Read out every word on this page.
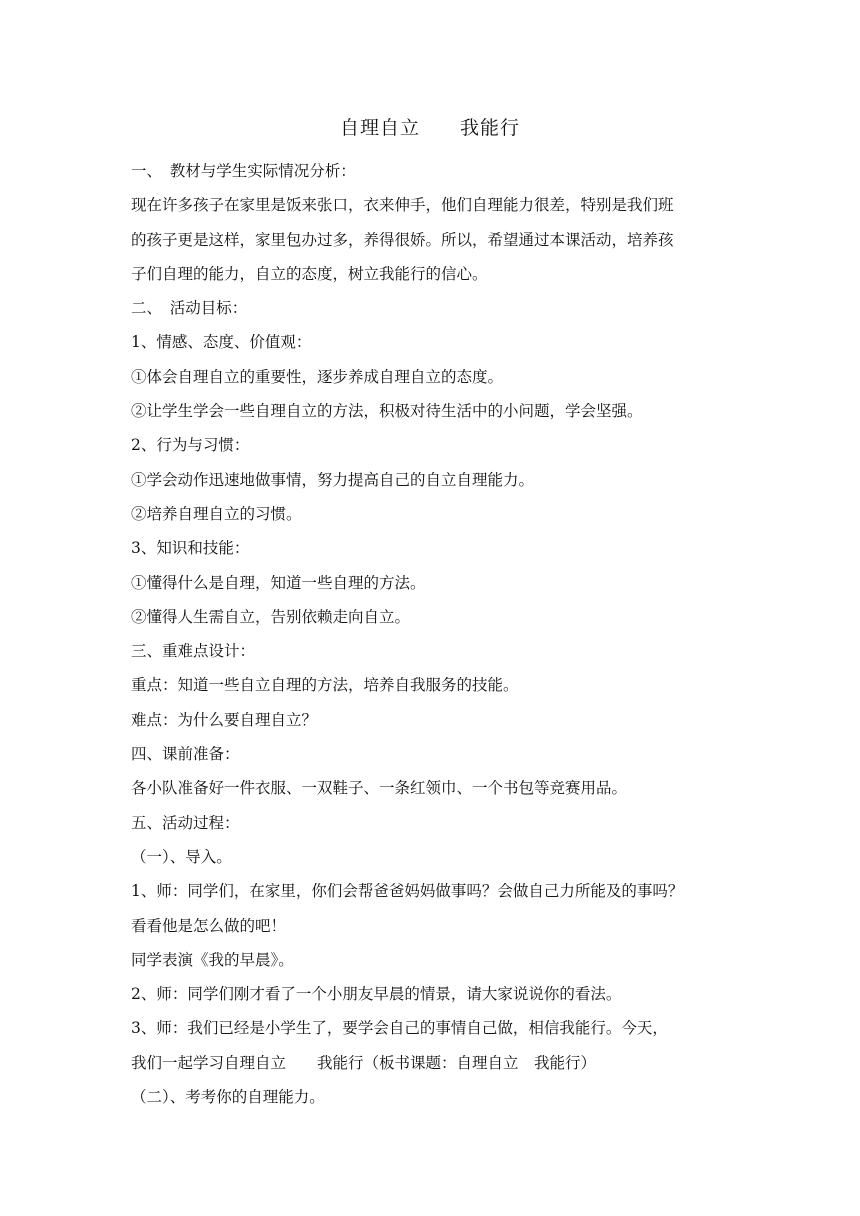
自理自立　　我能行
一、　教材与学生实际情况分析：
现在许多孩子在家里是饭来张口，衣来伸手，他们自理能力很差，特别是我们班
的孩子更是这样，家里包办过多，养得很娇。所以，希望通过本课活动，培养孩
子们自理的能力，自立的态度，树立我能行的信心。
二、　活动目标：
1、情感、态度、价值观：
①体会自理自立的重要性，逐步养成自理自立的态度。
②让学生学会一些自理自立的方法，积极对待生活中的小问题，学会坚强。
2、行为与习惯：
①学会动作迅速地做事情，努力提高自己的自立自理能力。
②培养自理自立的习惯。
3、知识和技能：
①懂得什么是自理，知道一些自理的方法。
②懂得人生需自立，告别依赖走向自立。
三、重难点设计：
重点：知道一些自立自理的方法，培养自我服务的技能。
难点：为什么要自理自立？
四、课前准备：
各小队准备好一件衣服、一双鞋子、一条红领巾、一个书包等竞赛用品。
五、活动过程：
（一）、导入。
1、师：同学们，在家里，你们会帮爸爸妈妈做事吗？会做自己力所能及的事吗？
看看他是怎么做的吧！
同学表演《我的早晨》。
2、师：同学们刚才看了一个小朋友早晨的情景，请大家说说你的看法。
3、师：我们已经是小学生了，要学会自己的事情自己做，相信我能行。今天，
我们一起学习自理自立　　我能行（板书课题：自理自立　我能行）
（二）、考考你的自理能力。
